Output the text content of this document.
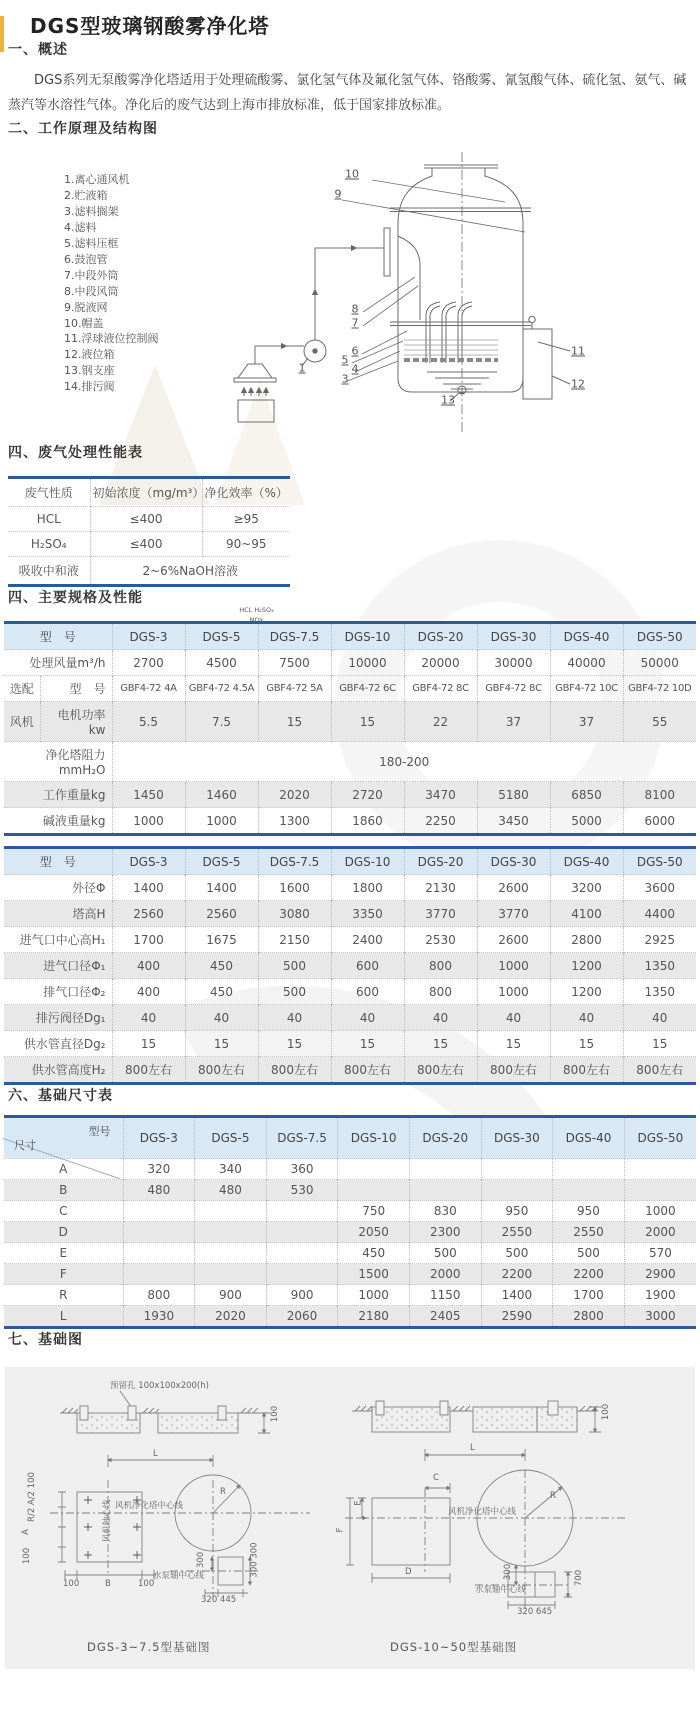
DGS型玻璃钢酸雾净化塔
一、概述

DGS系列无泵酸雾净化塔适用于处理硫酸雾、氯化氢气体及氟化氢气体、铬酸雾、氰氢酸气体、硫化氢、氨气、碱蒸汽等水溶性气体。净化后的废气达到上海市排放标准，低于国家排放标准。

二、工作原理及结构图
1.离心通风机
2.贮液箱
3.滤料搁架
4.滤料
5.滤料压框
6.鼓泡管
7.中段外筒
8.中段风筒
9.脱液网
10.帽盖
11.浮球液位控制阀
12.液位箱
13.钢支座
14.排污阀
1
3
4
5
6
7
8
9
10
11
12
13
HCL H₂SO₄
NOx
四、废气处理性能表
废气性质	初始浓度（mg/m³）	净化效率（%）
HCL	≤400	≥95
H₂SO₄	≤400	90~95
吸收中和液	2~6%NaOH溶液	
四、主要规格及性能
型　号		DGS-3	DGS-5	DGS-7.5	DGS-10	DGS-20	DGS-30	DGS-40	DGS-50
处理风量m³/h		2700	4500	7500	10000	20000	30000	40000	50000
选配	型　号	GBF4-72 4A	GBF4-72 4.5A	GBF4-72 5A	GBF4-72 6C	GBF4-72 8C	GBF4-72 8C	GBF4-72 10C	GBF4-72 10D
风机	电机功率kw	5.5	7.5	15	15	22	37	37	55
净化塔阻力mmH₂O		180-200							
工作重量kg		1450	1460	2020	2720	3470	5180	6850	8100
碱液重量kg		1000	1000	1300	1860	2250	3450	5000	6000
型　号	DGS-3	DGS-5	DGS-7.5	DGS-10	DGS-20	DGS-30	DGS-40	DGS-50
外径Φ	1400	1400	1600	1800	2130	2600	3200	3600
塔高H	2560	2560	3080	3350	3770	3770	4100	4400
进气口中心高H₁	1700	1675	2150	2400	2530	2600	2800	2925
进气口径Φ₁	400	450	500	600	800	1000	1200	1350
排气口径Φ₂	400	450	500	600	800	1000	1200	1350
排污阀径Dg₁	40	40	40	40	40	40	40	40
供水管直径Dg₂	15	15	15	15	15	15	15	15
供水管高度H₂	800左右	800左右	800左右	800左右	800左右	800左右	800左右	800左右
六、基础尺寸表
型号
尺寸	DGS-3	DGS-5	DGS-7.5	DGS-10	DGS-20	DGS-30	DGS-40	DGS-50
A	320	340	360					
B	480	480	530					
C				750	830	950	950	1000
D				2050	2300	2550	2550	2000
E				450	500	500	500	570
F				1500	2000	2200	2200	2900
R	800	900	900	1000	1150	1400	1700	1900
L	1930	2020	2060	2180	2405	2590	2800	3000
七、基础图
预留孔 100x100x200(h)
100
L
R
风机轴心线 风机净化塔中心线
水泵轴中心线
R/2 A/2 100
A
100
100	B	100
300	300 300
320 445
100
L
C
E
F
D
R
风机净化塔中心线
水泵轴中心线
300	700
320 645
DGS-3~7.5型基础图	DGS-10~50型基础图
